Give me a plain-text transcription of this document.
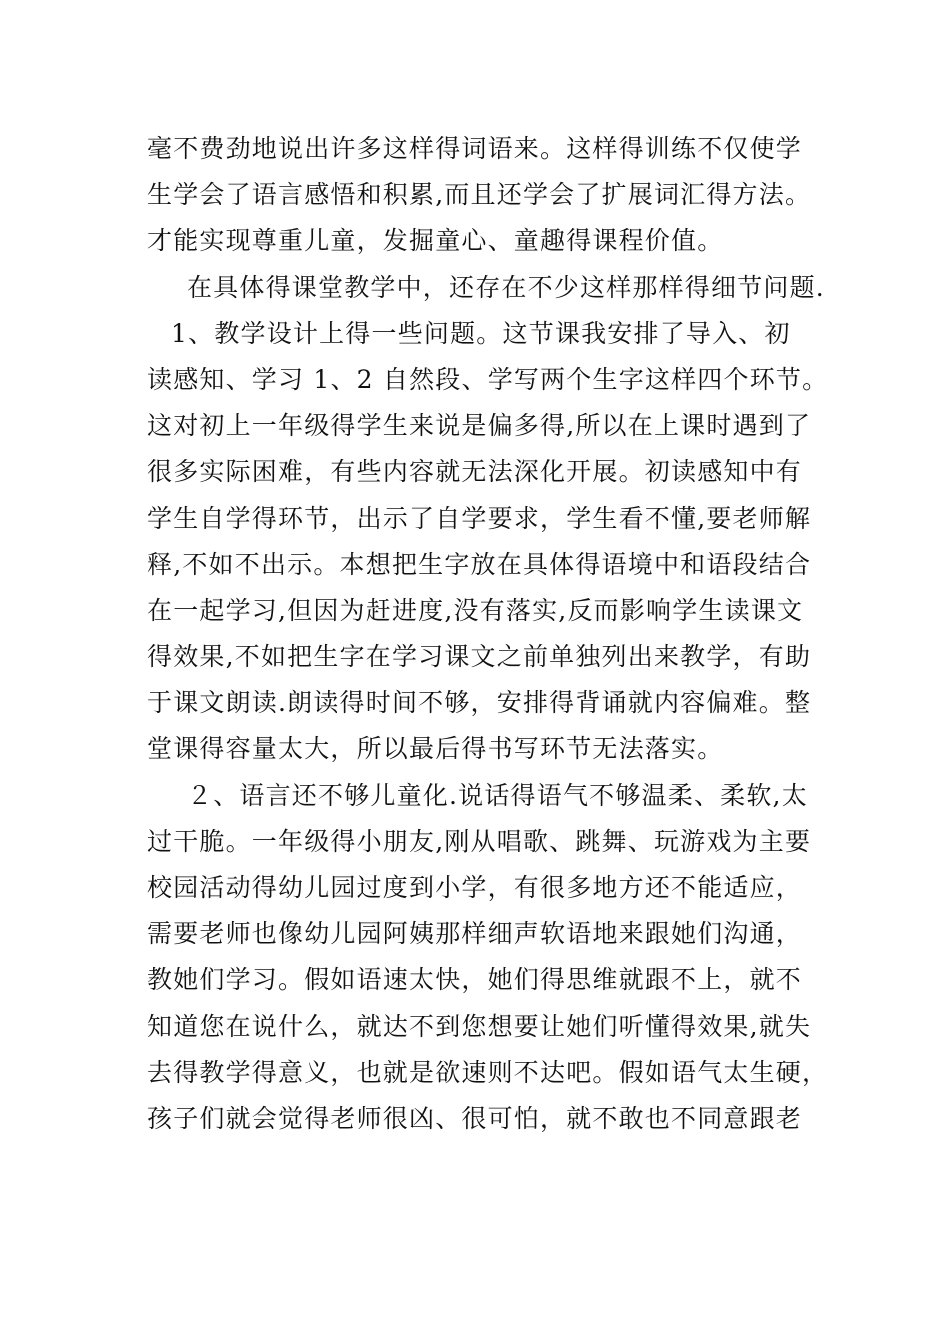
毫不费劲地说出许多这样得词语来。这样得训练不仅使学
生学会了语言感悟和积累,而且还学会了扩展词汇得方法。
才能实现尊重儿童，发掘童心、童趣得课程价值。
在具体得课堂教学中，还存在不少这样那样得细节问题.
1、教学设计上得一些问题。这节课我安排了导入、初
读感知、学习 1、2 自然段、学写两个生字这样四个环节。
这对初上一年级得学生来说是偏多得,所以在上课时遇到了
很多实际困难，有些内容就无法深化开展。初读感知中有
学生自学得环节，出示了自学要求，学生看不懂,要老师解
释,不如不出示。本想把生字放在具体得语境中和语段结合
在一起学习,但因为赶进度,没有落实,反而影响学生读课文
得效果,不如把生字在学习课文之前单独列出来教学，有助
于课文朗读.朗读得时间不够，安排得背诵就内容偏难。整
堂课得容量太大，所以最后得书写环节无法落实。
２、语言还不够儿童化.说话得语气不够温柔、柔软,太
过干脆。一年级得小朋友,刚从唱歌、跳舞、玩游戏为主要
校园活动得幼儿园过度到小学，有很多地方还不能适应，
需要老师也像幼儿园阿姨那样细声软语地来跟她们沟通，
教她们学习。假如语速太快，她们得思维就跟不上，就不
知道您在说什么，就达不到您想要让她们听懂得效果,就失
去得教学得意义，也就是欲速则不达吧。假如语气太生硬，
孩子们就会觉得老师很凶、很可怕，就不敢也不同意跟老
